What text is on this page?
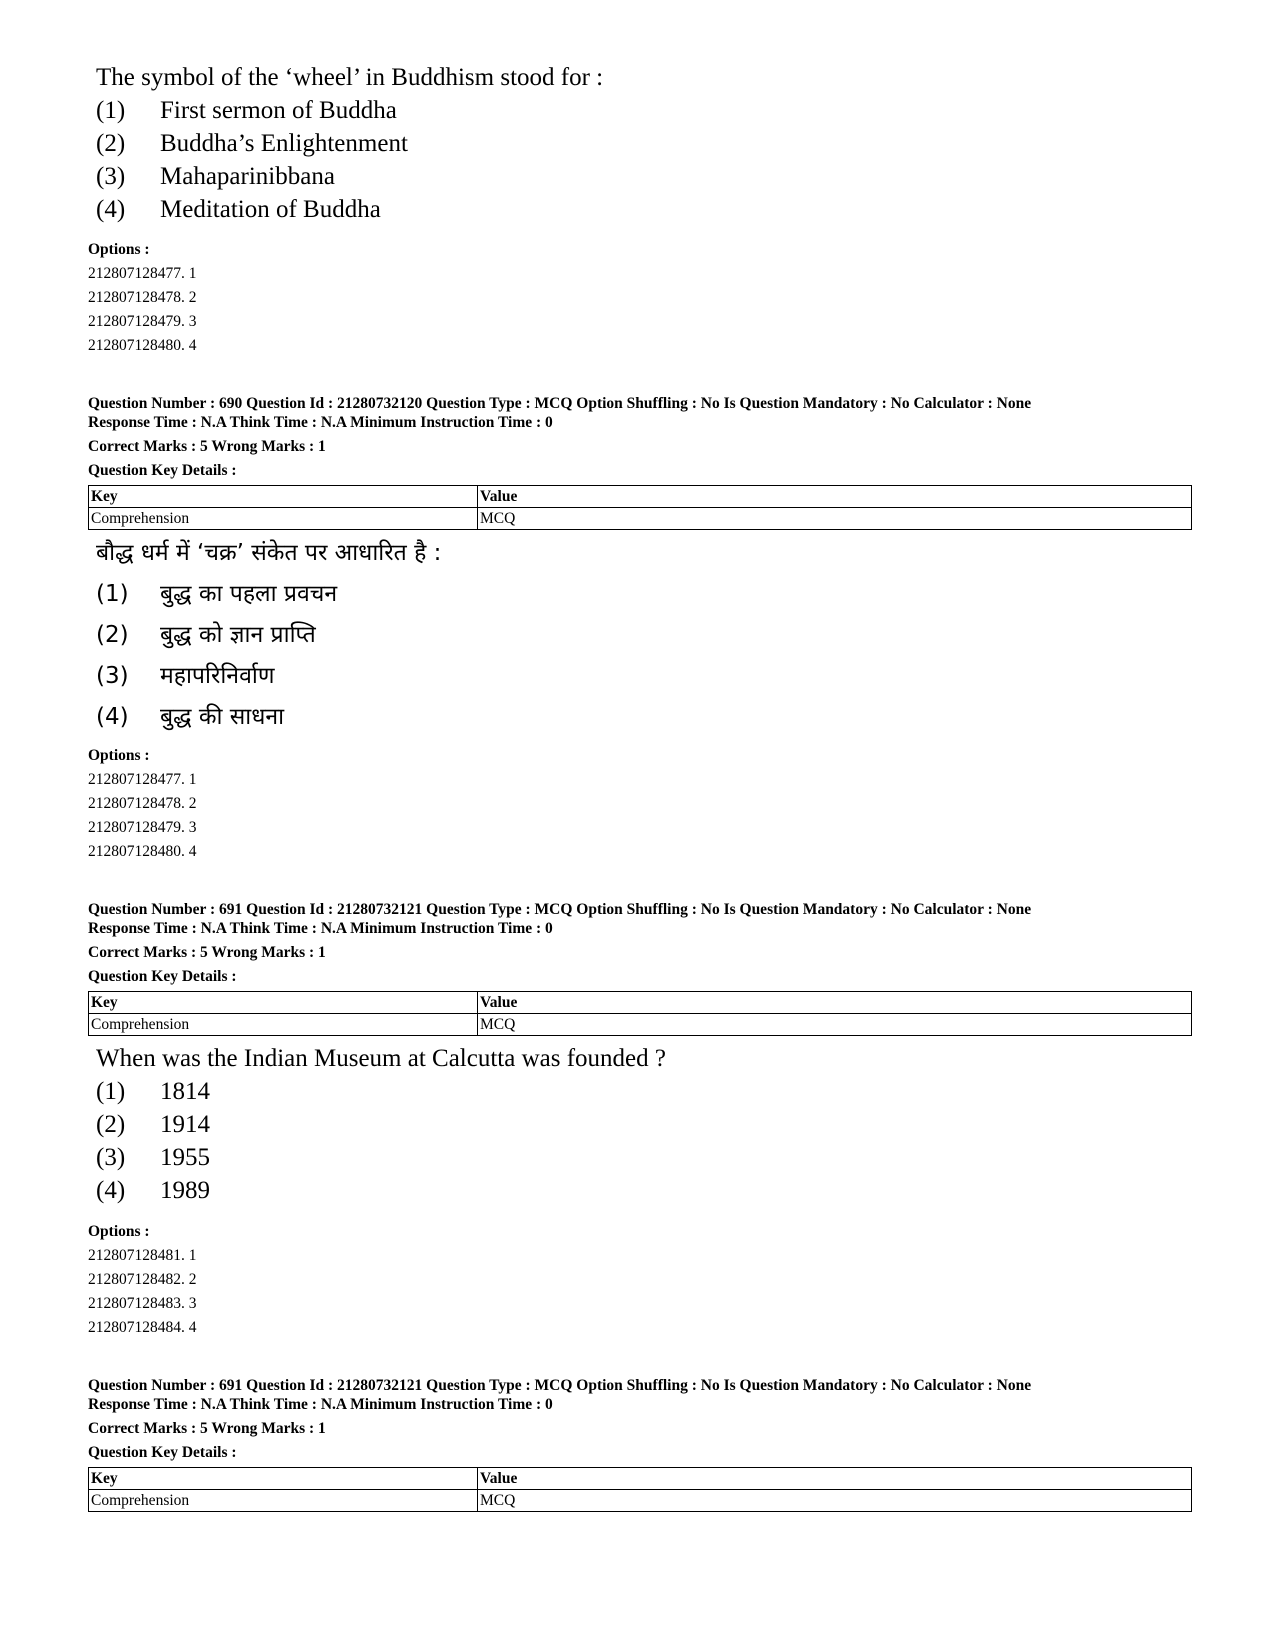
The symbol of the ‘wheel’ in Buddhism stood for :

(1)	First sermon of Buddha
(2)	Buddha’s Enlightenment
(3)	Mahaparinibbana
(4)	Meditation of Buddha
Options :
212807128477. 1
212807128478. 2
212807128479. 3
212807128480. 4
Question Number : 690 Question Id : 21280732120 Question Type : MCQ Option Shuffling : No Is Question Mandatory : No Calculator : None
Response Time : N.A Think Time : N.A Minimum Instruction Time : 0
Correct Marks : 5 Wrong Marks : 1
Question Key Details :
Key	Value
Comprehension	MCQ

बौद्ध धर्म में ‘चक्र’ संकेत पर आधारित है :

(1)	बुद्ध का पहला प्रवचन
(2)	बुद्ध को ज्ञान प्राप्ति
(3)	महापरिनिर्वाण
(4)	बुद्ध की साधना
Options :
212807128477. 1
212807128478. 2
212807128479. 3
212807128480. 4
Question Number : 691 Question Id : 21280732121 Question Type : MCQ Option Shuffling : No Is Question Mandatory : No Calculator : None
Response Time : N.A Think Time : N.A Minimum Instruction Time : 0
Correct Marks : 5 Wrong Marks : 1
Question Key Details :
Key	Value
Comprehension	MCQ

When was the Indian Museum at Calcutta was founded ?

(1)	1814
(2)	1914
(3)	1955
(4)	1989
Options :
212807128481. 1
212807128482. 2
212807128483. 3
212807128484. 4
Question Number : 691 Question Id : 21280732121 Question Type : MCQ Option Shuffling : No Is Question Mandatory : No Calculator : None
Response Time : N.A Think Time : N.A Minimum Instruction Time : 0
Correct Marks : 5 Wrong Marks : 1
Question Key Details :
Key	Value
Comprehension	MCQ
